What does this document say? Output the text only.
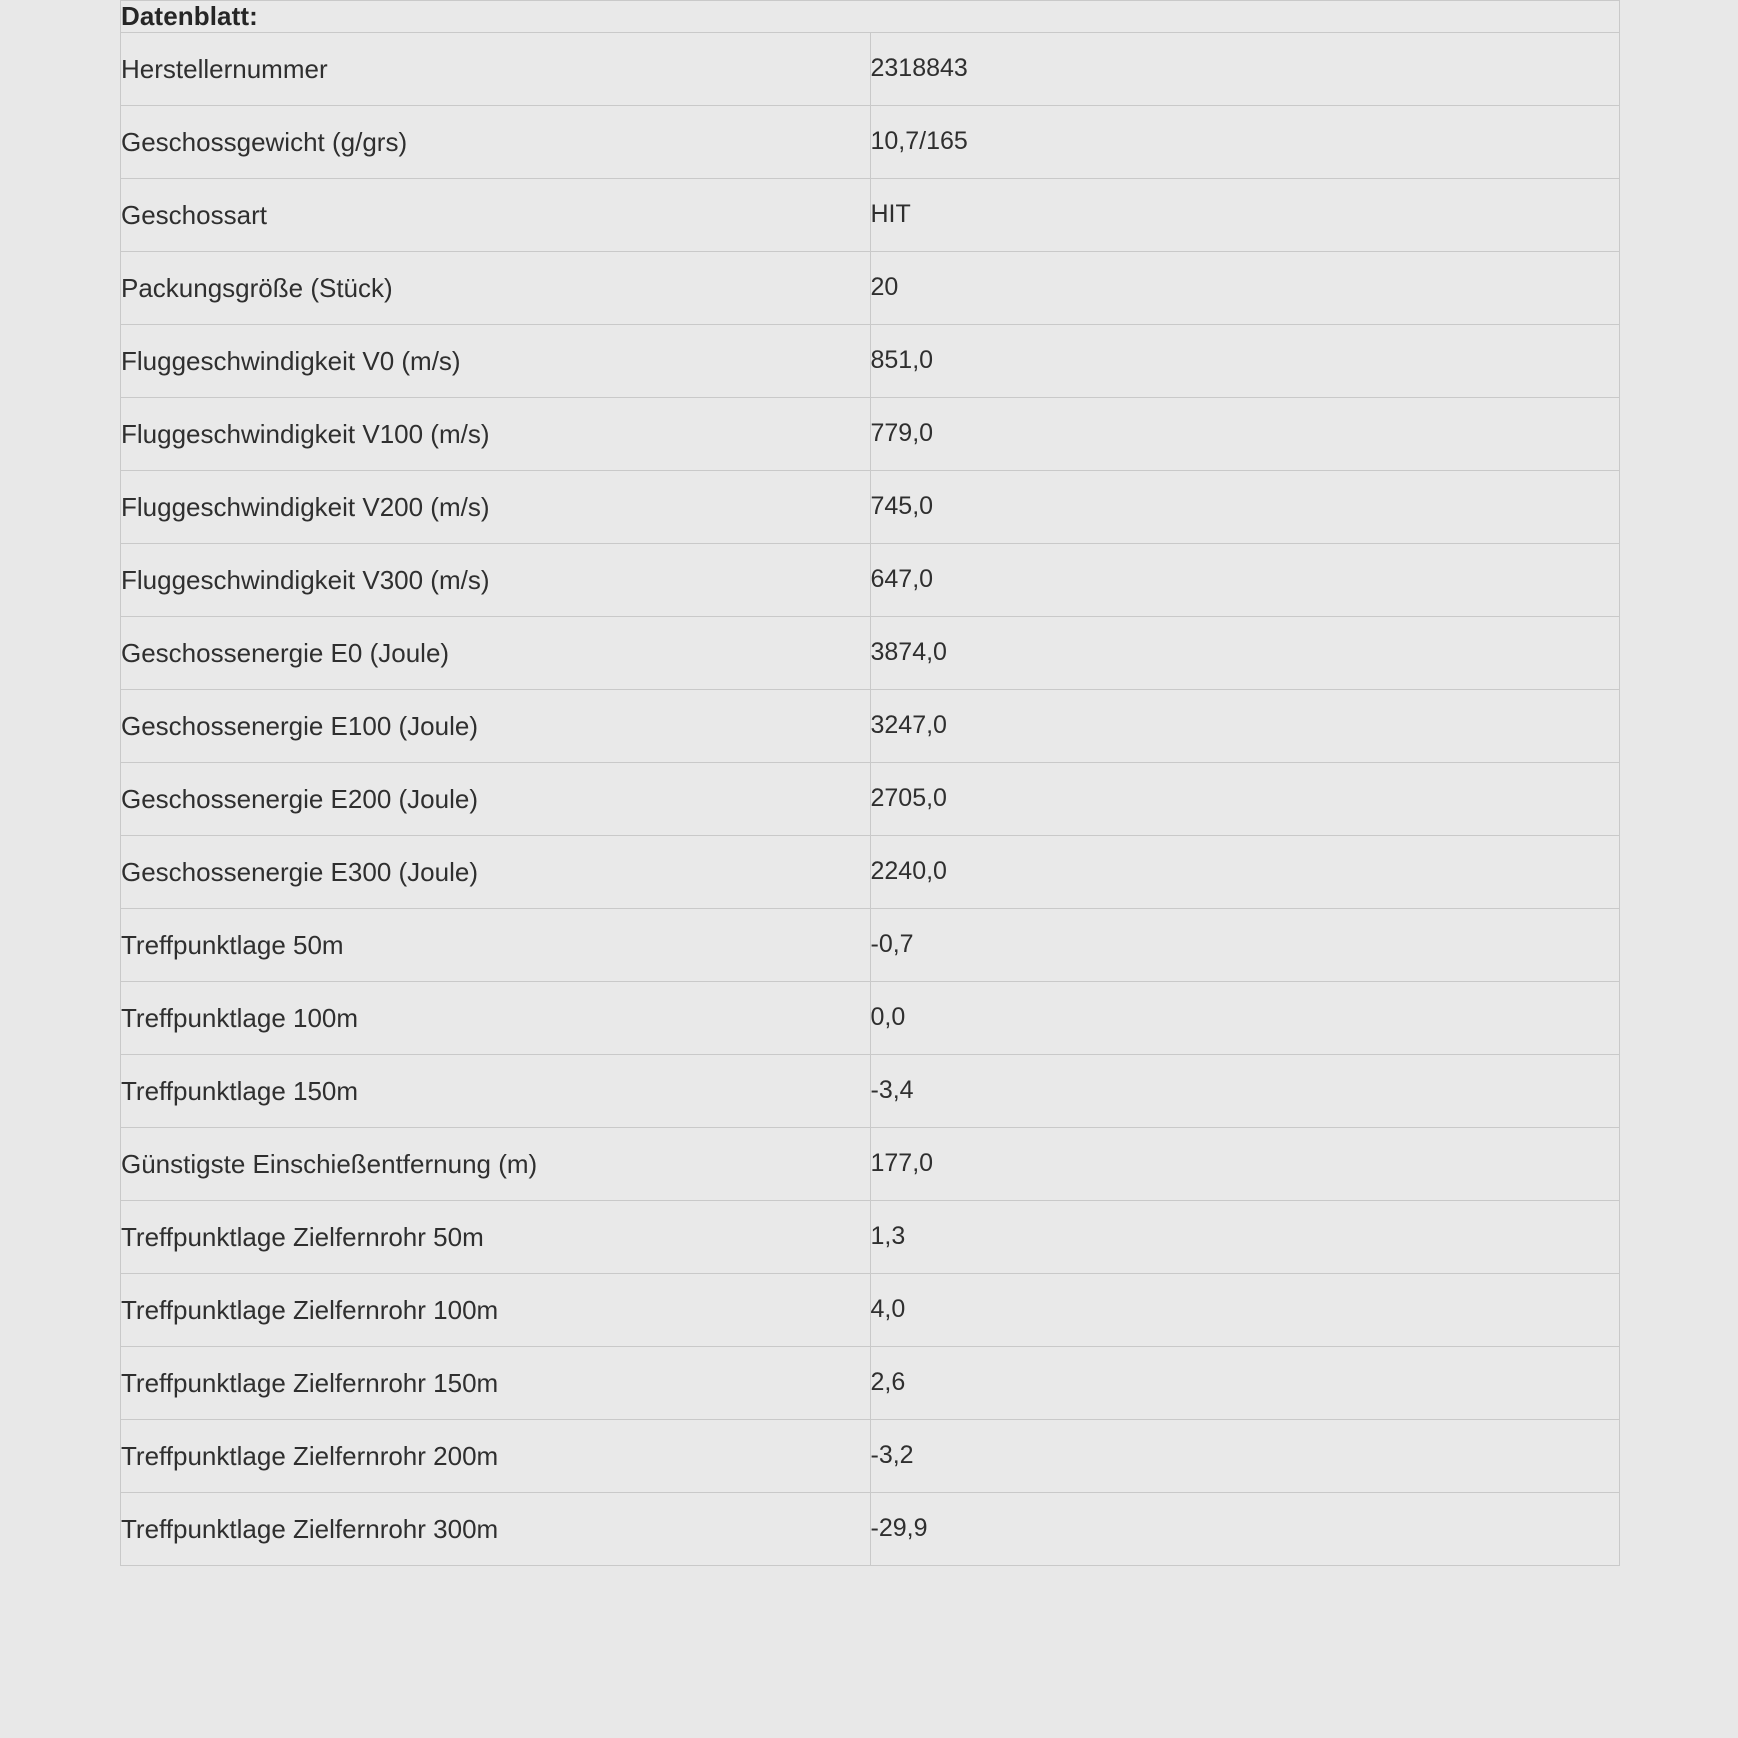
Datenblatt:	
Herstellernummer	2318843
Geschossgewicht (g/grs)	10,7/165
Geschossart	HIT
Packungsgröße (Stück)	20
Fluggeschwindigkeit V0 (m/s)	851,0
Fluggeschwindigkeit V100 (m/s)	779,0
Fluggeschwindigkeit V200 (m/s)	745,0
Fluggeschwindigkeit V300 (m/s)	647,0
Geschossenergie E0 (Joule)	3874,0
Geschossenergie E100 (Joule)	3247,0
Geschossenergie E200 (Joule)	2705,0
Geschossenergie E300 (Joule)	2240,0
Treffpunktlage 50m	-0,7
Treffpunktlage 100m	0,0
Treffpunktlage 150m	-3,4
Günstigste Einschießentfernung (m)	177,0
Treffpunktlage Zielfernrohr 50m	1,3
Treffpunktlage Zielfernrohr 100m	4,0
Treffpunktlage Zielfernrohr 150m	2,6
Treffpunktlage Zielfernrohr 200m	-3,2
Treffpunktlage Zielfernrohr 300m	-29,9
